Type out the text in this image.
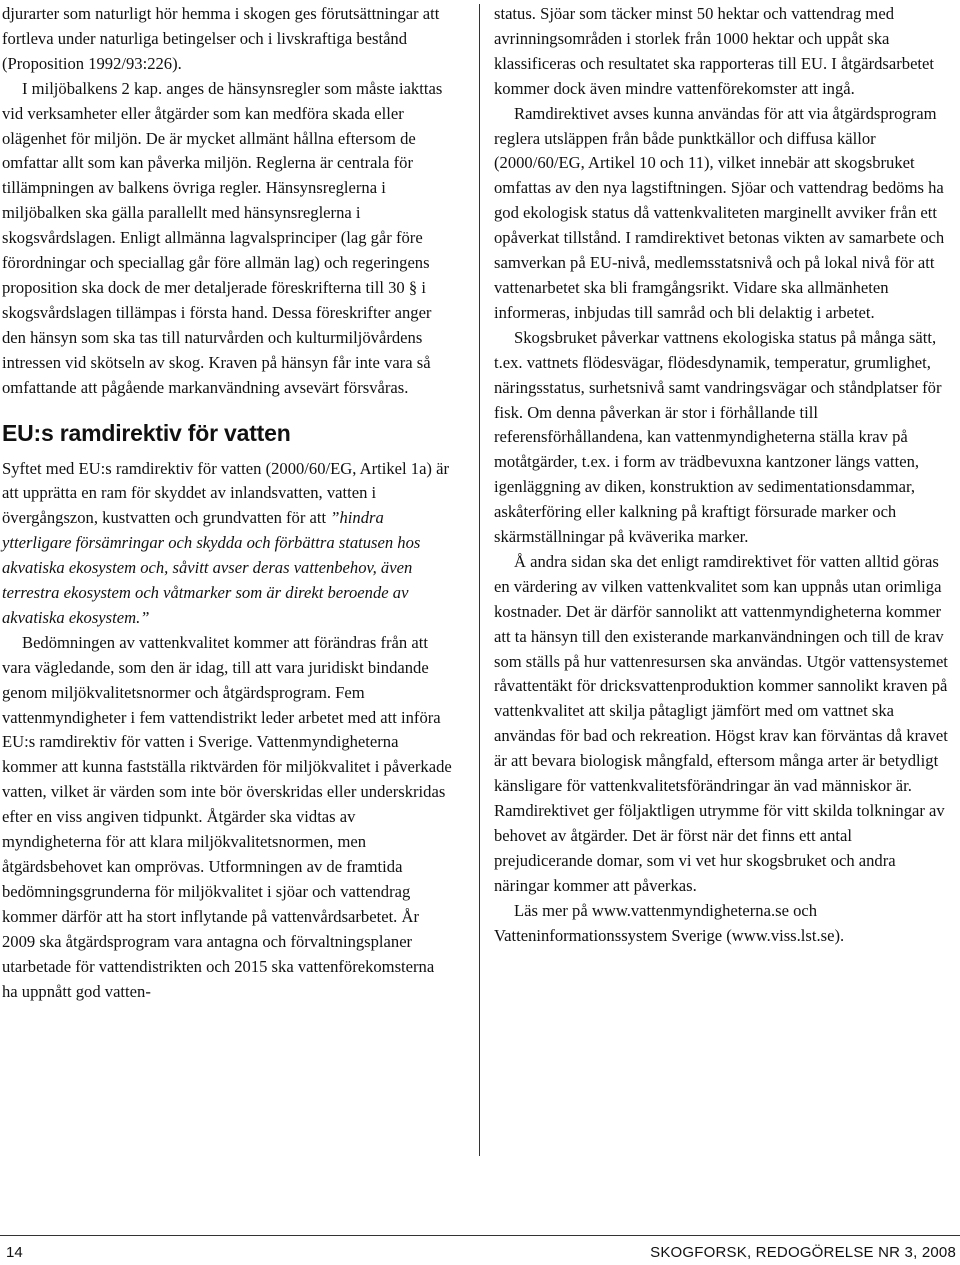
djurarter som naturligt hör hemma i skogen ges förutsättningar att fortleva under naturliga betingelser och i livskraftiga bestånd (Proposition 1992/93:226).

I miljöbalkens 2 kap. anges de hänsynsregler som måste iakttas vid verksamheter eller åtgärder som kan medföra skada eller olägenhet för miljön. De är mycket allmänt hållna eftersom de omfattar allt som kan påverka miljön. Reglerna är centrala för tillämpningen av balkens övriga regler. Hänsynsreglerna i miljöbalken ska gälla parallellt med hänsynsreglerna i skogsvårdslagen. Enligt allmänna lagvalsprinciper (lag går före förordningar och speciallag går före allmän lag) och regeringens proposition ska dock de mer detaljerade föreskrifterna till 30 § i skogsvårdslagen tillämpas i första hand. Dessa föreskrifter anger den hänsyn som ska tas till naturvården och kulturmiljövårdens intressen vid skötseln av skog. Kraven på hänsyn får inte vara så omfattande att pågående markanvändning avsevärt försvåras.

EU:s ramdirektiv för vatten

Syftet med EU:s ramdirektiv för vatten (2000/60/EG, Artikel 1a) är att upprätta en ram för skyddet av inlandsvatten, vatten i övergångszon, kustvatten och grundvatten för att ”hindra ytterligare försämringar och skydda och förbättra statusen hos akvatiska ekosystem och, såvitt avser deras vattenbehov, även terrestra ekosystem och våtmarker som är direkt beroende av akvatiska ekosystem.”

Bedömningen av vattenkvalitet kommer att förändras från att vara vägledande, som den är idag, till att vara juridiskt bindande genom miljökvalitetsnormer och åtgärdsprogram. Fem vattenmyndigheter i fem vattendistrikt leder arbetet med att införa EU:s ramdirektiv för vatten i Sverige. Vattenmyndigheterna kommer att kunna fastställa riktvärden för miljökvalitet i påverkade vatten, vilket är värden som inte bör överskridas eller underskridas efter en viss angiven tidpunkt. Åtgärder ska vidtas av myndigheterna för att klara miljökvalitetsnormen, men åtgärdsbehovet kan omprövas. Utformningen av de framtida bedömningsgrunderna för miljökvalitet i sjöar och vattendrag kommer därför att ha stort inflytande på vattenvårdsarbetet. År 2009 ska åtgärdsprogram vara antagna och förvaltningsplaner utarbetade för vattendistrikten och 2015 ska vattenförekomsterna ha uppnått god vatten-

status. Sjöar som täcker minst 50 hektar och vattendrag med avrinningsområden i storlek från 1000 hektar och uppåt ska klassificeras och resultatet ska rapporteras till EU. I åtgärdsarbetet kommer dock även mindre vattenförekomster att ingå.

Ramdirektivet avses kunna användas för att via åtgärdsprogram reglera utsläppen från både punktkällor och diffusa källor (2000/60/EG, Artikel 10 och 11), vilket innebär att skogsbruket omfattas av den nya lagstiftningen. Sjöar och vattendrag bedöms ha god ekologisk status då vattenkvaliteten marginellt avviker från ett opåverkat tillstånd. I ramdirektivet betonas vikten av samarbete och samverkan på EU-nivå, medlemsstatsnivå och på lokal nivå för att vattenarbetet ska bli framgångsrikt. Vidare ska allmänheten informeras, inbjudas till samråd och bli delaktig i arbetet.

Skogsbruket påverkar vattnens ekologiska status på många sätt, t.ex. vattnets flödesvägar, flödesdynamik, temperatur, grumlighet, näringsstatus, surhetsnivå samt vandringsvägar och ståndplatser för fisk. Om denna påverkan är stor i förhållande till referensförhållandena, kan vattenmyndigheterna ställa krav på motåtgärder, t.ex. i form av trädbevuxna kantzoner längs vatten, igenläggning av diken, konstruktion av sedimentationsdammar, askåterföring eller kalkning på kraftigt försurade marker och skärmställningar på kväverika marker.

Å andra sidan ska det enligt ramdirektivet för vatten alltid göras en värdering av vilken vattenkvalitet som kan uppnås utan orimliga kostnader. Det är därför sannolikt att vattenmyndigheterna kommer att ta hänsyn till den existerande markanvändningen och till de krav som ställs på hur vattenresursen ska användas. Utgör vattensystemet råvattentäkt för dricksvattenproduktion kommer sannolikt kraven på vattenkvalitet att skilja påtagligt jämfört med om vattnet ska användas för bad och rekreation. Högst krav kan förväntas då kravet är att bevara biologisk mångfald, eftersom många arter är betydligt känsligare för vattenkvalitetsförändringar än vad människor är. Ramdirektivet ger följaktligen utrymme för vitt skilda tolkningar av behovet av åtgärder. Det är först när det finns ett antal prejudicerande domar, som vi vet hur skogsbruket och andra näringar kommer att påverkas.

Läs mer på www.vattenmyndigheterna.se och Vatteninformationssystem Sverige (www.viss.lst.se).

14	SKOGFORSK, REDOGÖRELSE NR 3, 2008
